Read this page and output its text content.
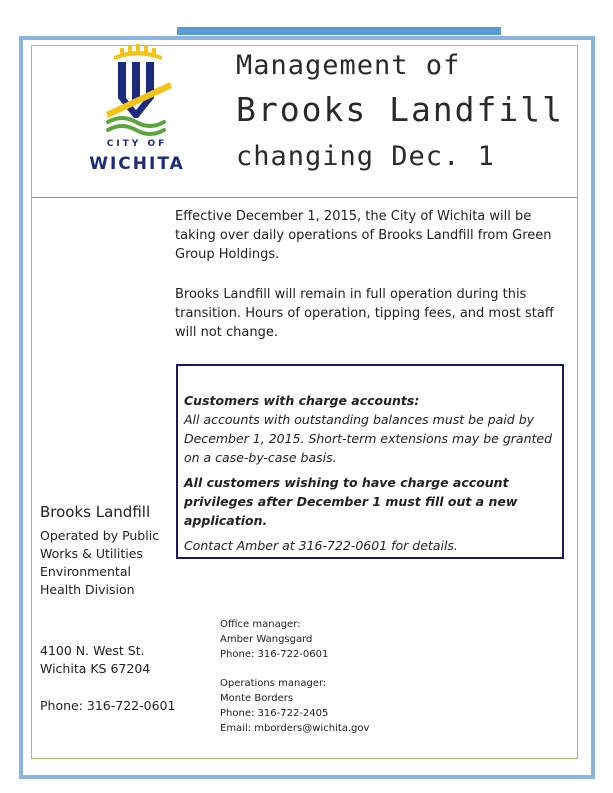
CITY OF
WICHITA
Management of
Brooks Landfill
changing Dec. 1
Effective December 1, 2015, the City of Wichita will be taking over daily operations of Brooks Landfill from Green Group Holdings.
Brooks Landfill will remain in full operation during this transition. Hours of operation, tipping fees, and most staff will not change.
Customers with charge accounts:
All accounts with outstanding balances must be paid by December 1, 2015. Short-term extensions may be granted on a case-by-case basis.
All customers wishing to have charge account privileges after December 1 must fill out a new application.
Contact Amber at 316-722-0601 for details.
Brooks Landfill
Operated by Public Works & Utilities Environmental Health Division
4100 N. West St.
Wichita KS 67204
Phone: 316-722-0601
Office manager:
Amber Wangsgard
Phone: 316-722-0601
Operations manager:
Monte Borders
Phone: 316-722-2405
Email: mborders@wichita.gov
